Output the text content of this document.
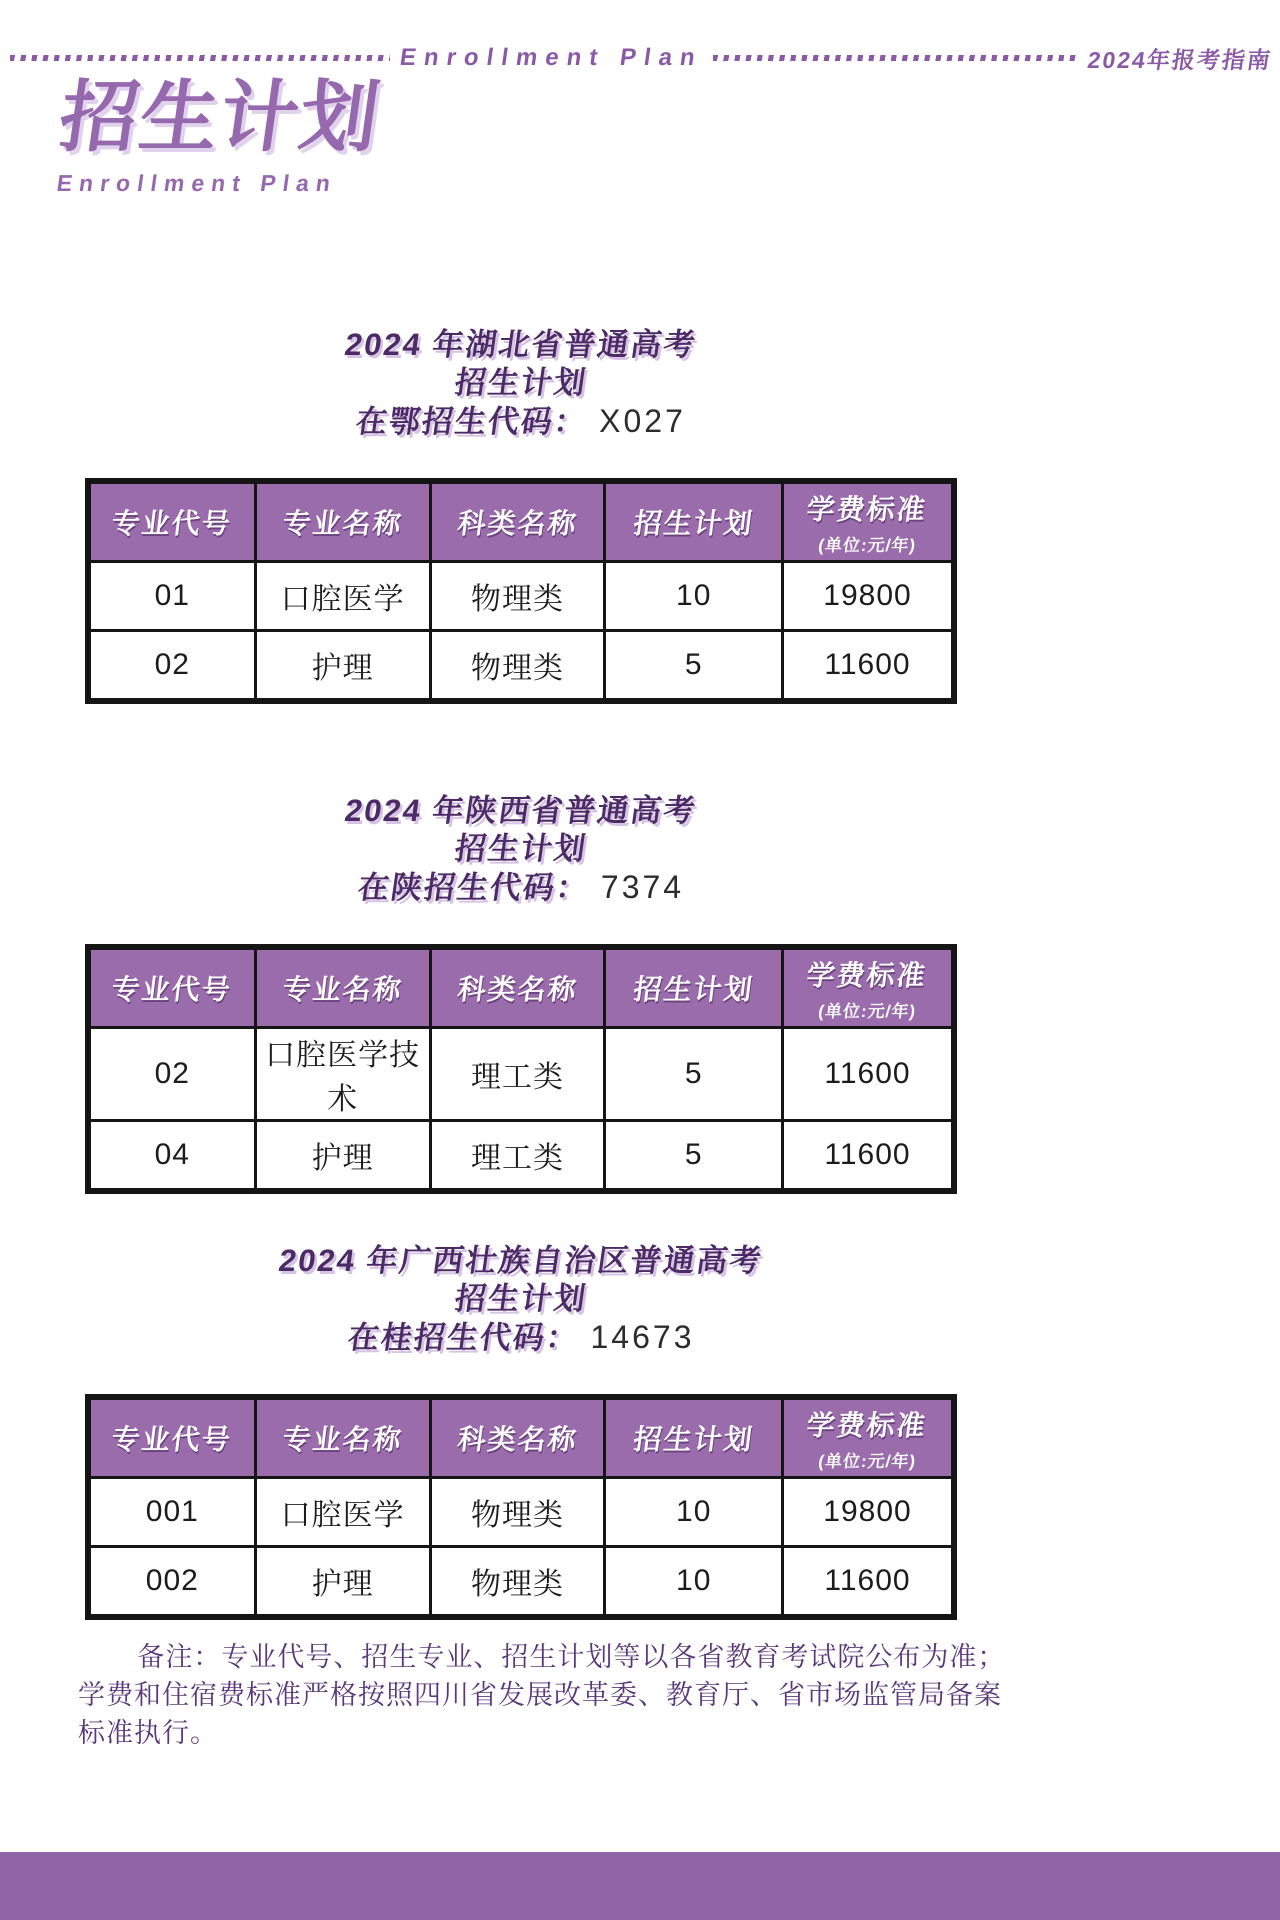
Enrollment Plan	2024年报考指南
招生计划
Enrollment Plan
2024 年湖北省普通高考
招生计划
在鄂招生代码： X027
专业代号	专业名称	科类名称	招生计划	学费标准
(单位:元/年)

01	口腔医学	物理类	10	19800
02	护理	物理类	5	11600
2024 年陕西省普通高考
招生计划
在陕招生代码： 7374
专业代号	专业名称	科类名称	招生计划	学费标准
(单位:元/年)

02	口腔医学技术	理工类	5	11600
04	护理	理工类	5	11600
2024 年广西壮族自治区普通高考
招生计划
在桂招生代码： 14673
专业代号	专业名称	科类名称	招生计划	学费标准
(单位:元/年)

001	口腔医学	物理类	10	19800
002	护理	物理类	10	11600

备注：专业代号、招生专业、招生计划等以各省教育考试院公布为准；学费和住宿费标准严格按照四川省发展改革委、教育厅、省市场监管局备案标准执行。
